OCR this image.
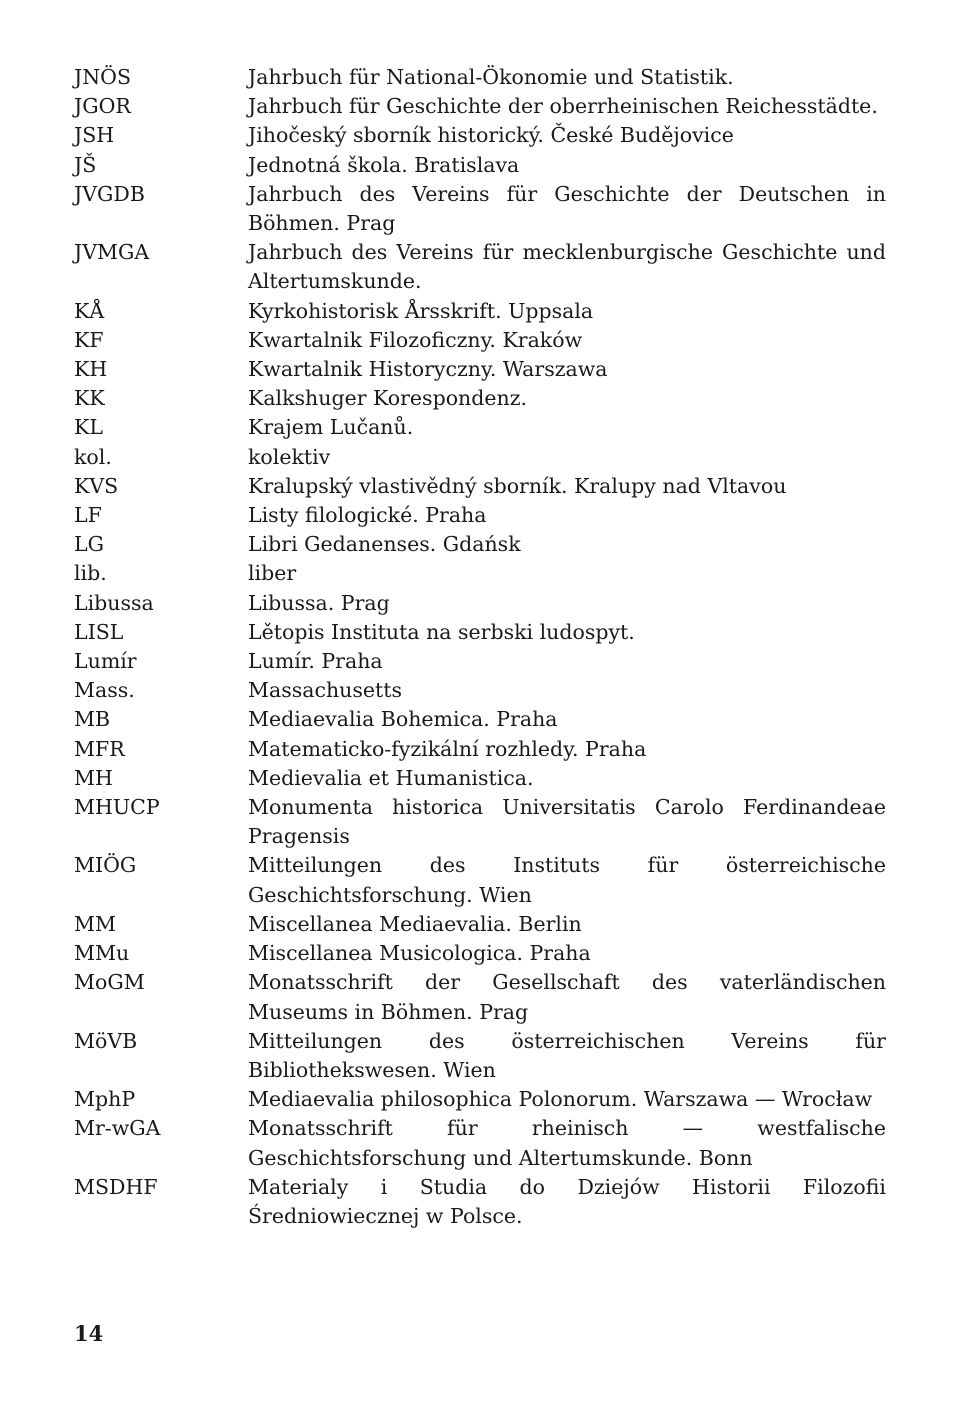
JNÖS	Jahrbuch für National-Ökonomie und Statistik.
JGOR	Jahrbuch für Geschichte der oberrheinischen Reichesstädte.
JSH	Jihočeský sborník historický. České Budějovice
JŠ	Jednotná škola. Bratislava
JVGDB	Jahrbuch des Vereins für Geschichte der Deutschen in Böhmen. Prag
JVMGA	Jahrbuch des Vereins für mecklenburgische Geschichte und Altertumskunde.
KÅ	Kyrkohistorisk Årsskrift. Uppsala
KF	Kwartalnik Filozoficzny. Kraków
KH	Kwartalnik Historyczny. Warszawa
KK	Kalkshuger Korespondenz.
KL	Krajem Lučanů.
kol.	kolektiv
KVS	Kralupský vlastivědný sborník. Kralupy nad Vltavou
LF	Listy filologické. Praha
LG	Libri Gedanenses. Gdańsk
lib.	liber
Libussa	Libussa. Prag
LISL	Lětopis Instituta na serbski ludospyt.
Lumír	Lumír. Praha
Mass.	Massachusetts
MB	Mediaevalia Bohemica. Praha
MFR	Matematicko-fyzikální rozhledy. Praha
MH	Medievalia et Humanistica.
MHUCP	Monumenta historica Universitatis Carolo Ferdinandeae Pragensis
MIÖG	Mitteilungen des Instituts für österreichische Geschichtsforschung. Wien
MM	Miscellanea Mediaevalia. Berlin
MMu	Miscellanea Musicologica. Praha
MoGM	Monatsschrift der Gesellschaft des vaterländischen Museums in Böhmen. Prag
MöVB	Mitteilungen des österreichischen Vereins für Bibliothekswesen. Wien
MphP	Mediaevalia philosophica Polonorum. Warszawa — Wrocław
Mr-wGA	Monatsschrift für rheinisch — westfalische Geschichtsforschung und Altertumskunde. Bonn
MSDHF	Materialy i Studia do Dziejów Historii Filozofii Średniowiecznej w Polsce.
14
